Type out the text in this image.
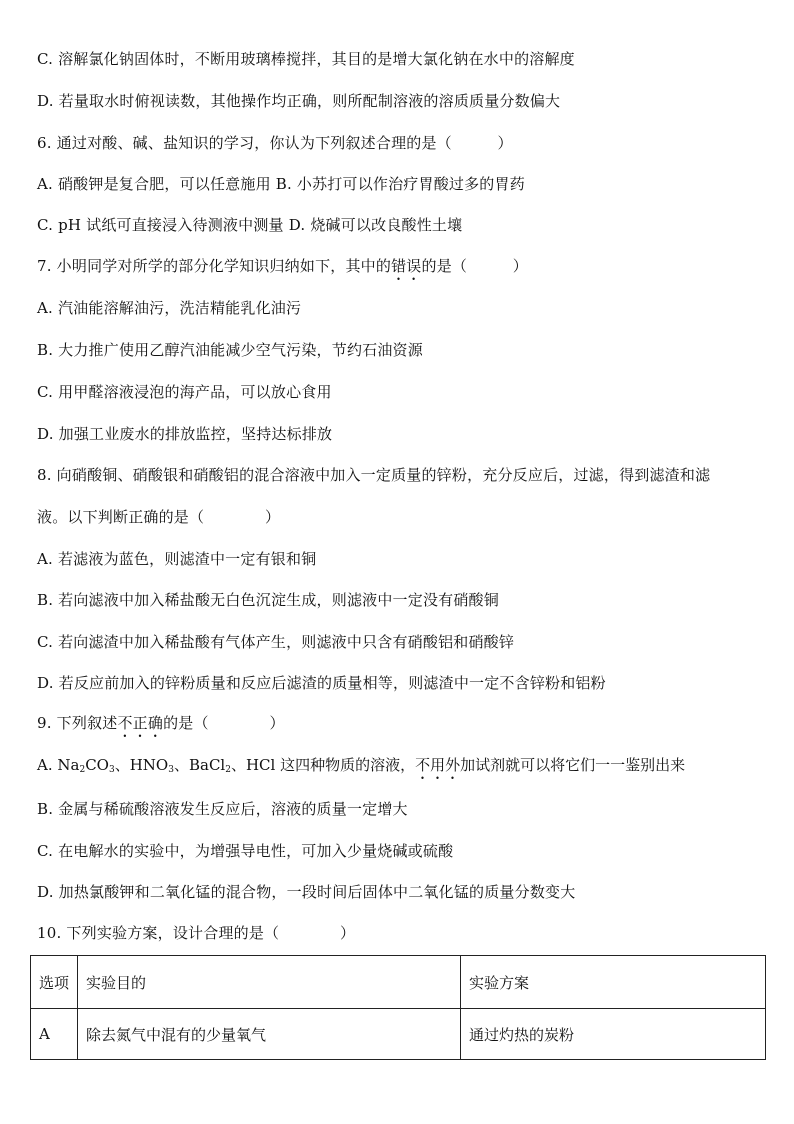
C. 溶解氯化钠固体时，不断用玻璃棒搅拌，其目的是增大氯化钠在水中的溶解度
D. 若量取水时俯视读数，其他操作均正确，则所配制溶液的溶质质量分数偏大
6. 通过对酸、碱、盐知识的学习，你认为下列叙述合理的是（　　　）
A. 硝酸钾是复合肥，可以任意施用 B. 小苏打可以作治疗胃酸过多的胃药
C. pH 试纸可直接浸入待测液中测量 D. 烧碱可以改良酸性土壤
7. 小明同学对所学的部分化学知识归纳如下，其中的错误的是（　　　）
A. 汽油能溶解油污，洗洁精能乳化油污
B. 大力推广使用乙醇汽油能减少空气污染，节约石油资源
C. 用甲醛溶液浸泡的海产品，可以放心食用
D. 加强工业废水的排放监控，坚持达标排放
8. 向硝酸铜、硝酸银和硝酸铝的混合溶液中加入一定质量的锌粉，充分反应后，过滤，得到滤渣和滤
液。以下判断正确的是（　　　　）
A. 若滤液为蓝色，则滤渣中一定有银和铜
B. 若向滤液中加入稀盐酸无白色沉淀生成，则滤液中一定没有硝酸铜
C. 若向滤渣中加入稀盐酸有气体产生，则滤液中只含有硝酸铝和硝酸锌
D. 若反应前加入的锌粉质量和反应后滤渣的质量相等，则滤渣中一定不含锌粉和铝粉
9. 下列叙述不正确的是（　　　　）
A. $Na_2CO_3$、$HNO_3$、BaCl$_2$、HCl 这四种物质的溶液，不用外加试剂就可以将它们一一鉴别出来
B. 金属与稀硫酸溶液发生反应后，溶液的质量一定增大
C. 在电解水的实验中，为增强导电性，可加入少量烧碱或硫酸
D. 加热氯酸钾和二氧化锰的混合物，一段时间后固体中二氧化锰的质量分数变大
10. 下列实验方案，设计合理的是（　　　　）
选项	实验目的	实验方案
A	除去氮气中混有的少量氧气	通过灼热的炭粉
